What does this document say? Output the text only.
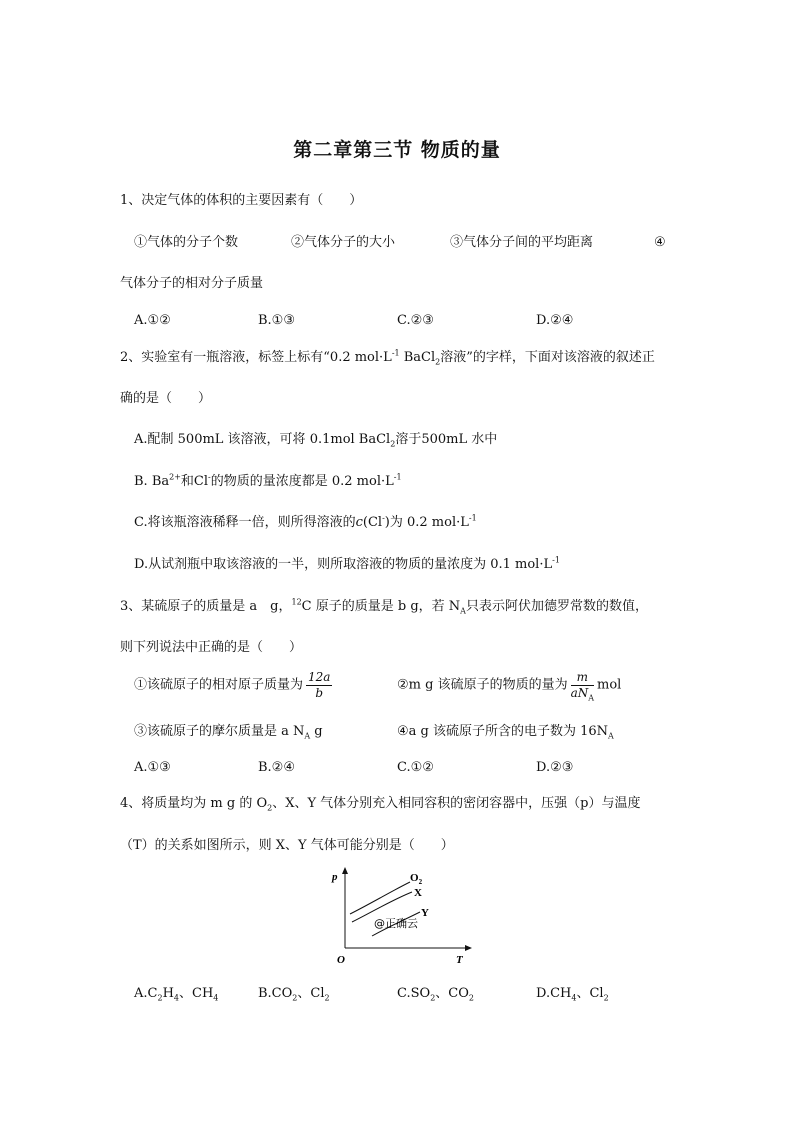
第二章第三节 物质的量
1、决定气体的体积的主要因素有（　　）
①气体的分子个数	②气体分子的大小	③气体分子间的平均距离	④
气体分子的相对分子质量
A.①②	B.①③	C.②③	D.②④
2、实验室有一瓶溶液，标签上标有“0.2 $mol\cdot L^{-1}$ BaCl$_2$溶液”的字样，下面对该溶液的叙述正
确的是（　　）
A.配制 500mL 该溶液，可将 0.1mol BaCl$_2$溶于500mL 水中
B. $Ba^{2+}$和Cl-的物质的量浓度都是 0.2 $mol\cdot L^{-1}$
C.将该瓶溶液稀释一倍，则所得溶液的c(Cl-)为 0.2 $mol\cdot L^{-1}$
D.从试剂瓶中取该溶液的一半，则所取溶液的物质的量浓度为 0.1 $mol\cdot L^{-1}$
3、某硫原子的质量是 a　g，$^{12}$C 原子的质量是 b g，若 $N_A$只表示阿伏加德罗常数的数值，
则下列说法中正确的是（　　）
①该硫原子的相对原子质量为 $\frac{12a}{b}$	②m g 该硫原子的物质的量为 $\frac{m}{aN_A}$ mol
③该硫原子的摩尔质量是 a $N_A$ g	④a g 该硫原子所含的电子数为 $16N_A$
A.①③	B.②④	C.①②	D.②③
4、将质量均为 m g 的 $O_2$、X、Y 气体分别充入相同容积的密闭容器中，压强（p）与温度
（T）的关系如图所示，则 X、Y 气体可能分别是（　　）
p
T
O
$O_2$
X
Y
@正确云
$A.C_2H_4$、$CH_4$	$B.CO_2$、$Cl_2$	$C.SO_2$、$CO_2$	$D.CH_4$、$Cl_2$
